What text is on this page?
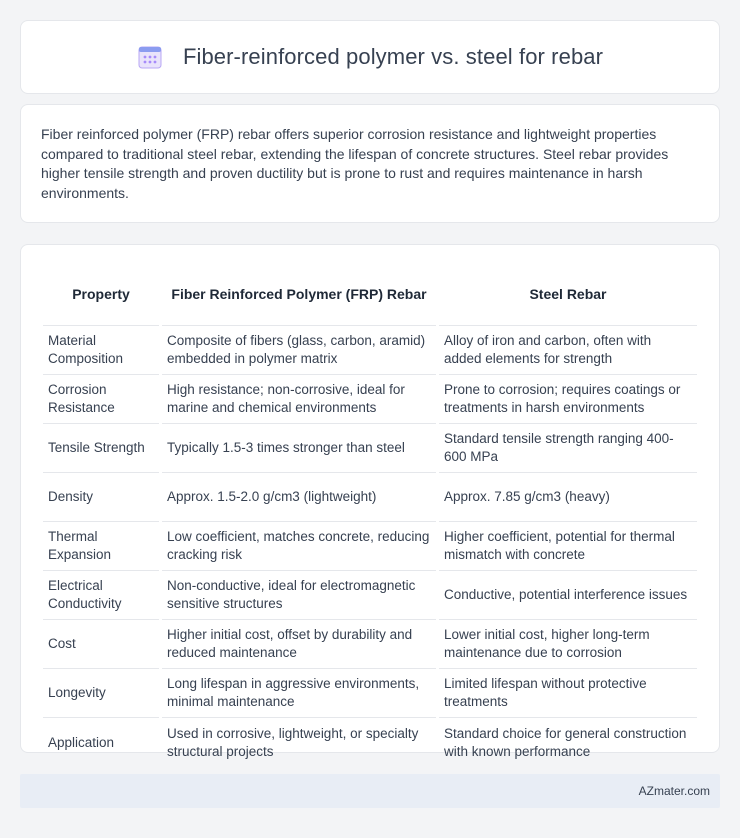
Fiber-reinforced polymer vs. steel for rebar

Fiber reinforced polymer (FRP) rebar offers superior corrosion resistance and lightweight properties compared to traditional steel rebar, extending the lifespan of concrete structures. Steel rebar provides higher tensile strength and proven ductility but is prone to rust and requires maintenance in harsh environments.

Property	Fiber Reinforced Polymer (FRP) Rebar	Steel Rebar
Material Composition	Composite of fibers (glass, carbon, aramid) embedded in polymer matrix	Alloy of iron and carbon, often with added elements for strength
Corrosion Resistance	High resistance; non-corrosive, ideal for marine and chemical environments	Prone to corrosion; requires coatings or treatments in harsh environments
Tensile Strength	Typically 1.5-3 times stronger than steel	Standard tensile strength ranging 400-600 MPa
Density	Approx. 1.5-2.0 g/cm3 (lightweight)	Approx. 7.85 g/cm3 (heavy)
Thermal Expansion	Low coefficient, matches concrete, reducing cracking risk	Higher coefficient, potential for thermal mismatch with concrete
Electrical Conductivity	Non-conductive, ideal for electromagnetic sensitive structures	Conductive, potential interference issues
Cost	Higher initial cost, offset by durability and reduced maintenance	Lower initial cost, higher long-term maintenance due to corrosion
Longevity	Long lifespan in aggressive environments, minimal maintenance	Limited lifespan without protective treatments
Application	Used in corrosive, lightweight, or specialty structural projects	Standard choice for general construction with known performance
AZmater.com
